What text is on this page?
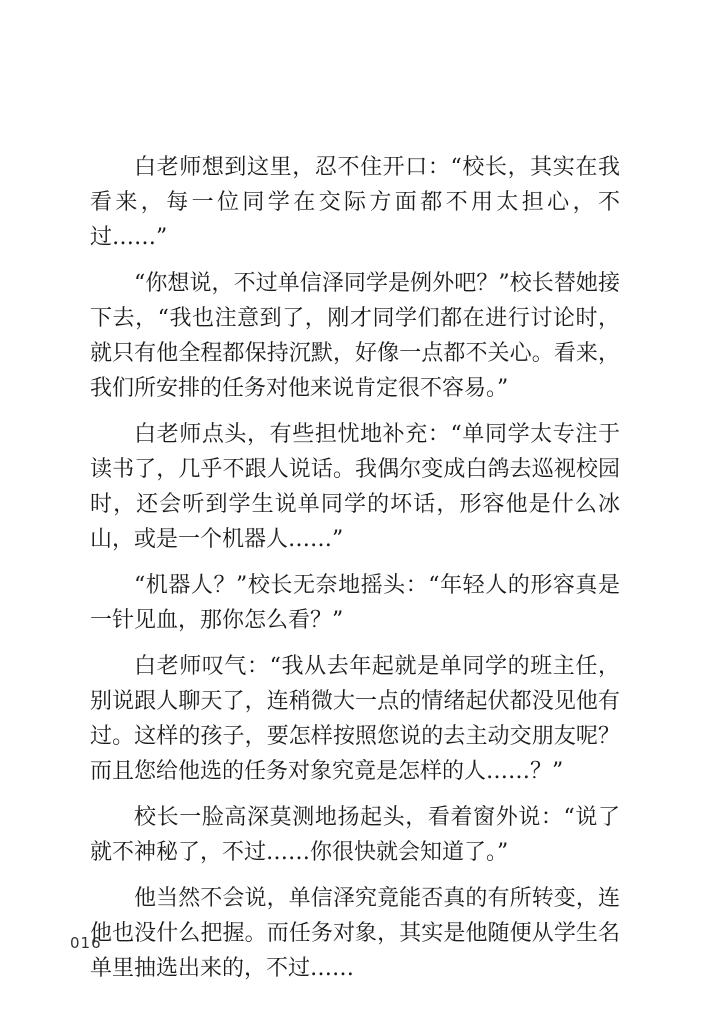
白老师想到这里，忍不住开口：“校长，其实在我看来，每一位同学在交际方面都不用太担心，不过……”

“你想说，不过单信泽同学是例外吧？”校长替她接下去，“我也注意到了，刚才同学们都在进行讨论时，就只有他全程都保持沉默，好像一点都不关心。看来，我们所安排的任务对他来说肯定很不容易。”

白老师点头，有些担忧地补充：“单同学太专注于读书了，几乎不跟人说话。我偶尔变成白鸽去巡视校园时，还会听到学生说单同学的坏话，形容他是什么冰山，或是一个机器人……”

“机器人？”校长无奈地摇头：“年轻人的形容真是一针见血，那你怎么看？”

白老师叹气：“我从去年起就是单同学的班主任，别说跟人聊天了，连稍微大一点的情绪起伏都没见他有过。这样的孩子，要怎样按照您说的去主动交朋友呢？而且您给他选的任务对象究竟是怎样的人……？”

校长一脸高深莫测地扬起头，看着窗外说：“说了就不神秘了，不过……你很快就会知道了。”

他当然不会说，单信泽究竟能否真的有所转变，连他也没什么把握。而任务对象，其实是他随便从学生名单里抽选出来的，不过……

016
